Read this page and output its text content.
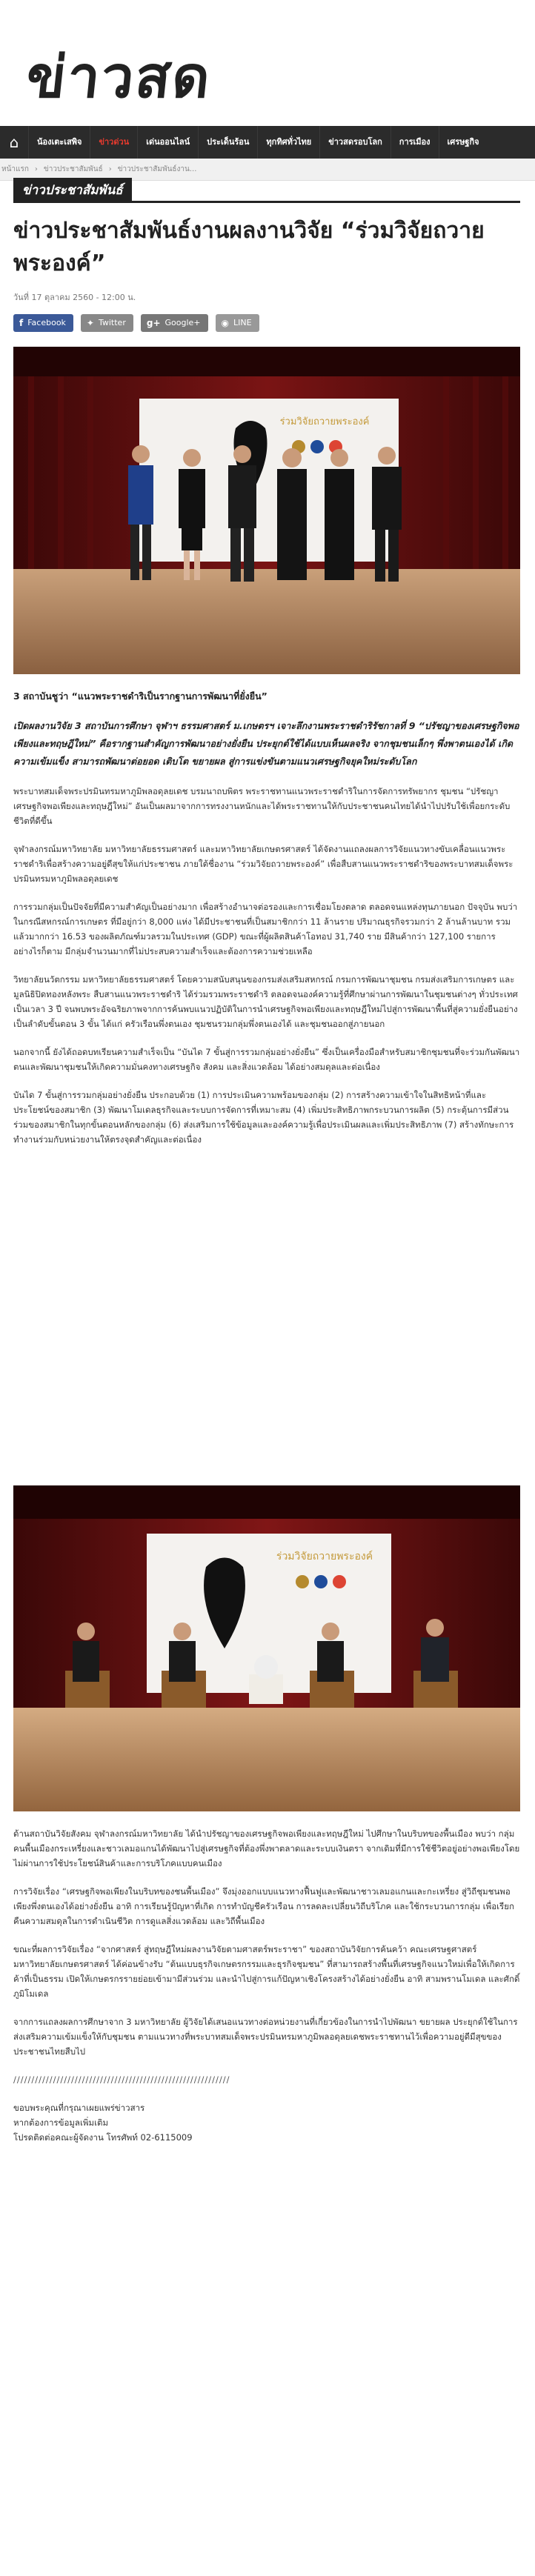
ข่าวสด
⌂	น้องเตะเสพิจ	ข่าวด่วน	เด่นออนไลน์	ประเด็นร้อน	ทุกทิศทั่วไทย	ข่าวสดรอบโลก	การเมือง	เศรษฐกิจ
หน้าแรก › ข่าวประชาสัมพันธ์ › ข่าวประชาสัมพันธ์งาน...
ข่าวประชาสัมพันธ์
ข่าวประชาสัมพันธ์งานผลงานวิจัย “ร่วมวิจัยถวายพระองค์”
วันที่ 17 ตุลาคม 2560 - 12:00 น.
f Facebook ✦ Twitter g+ Google+ ◉ LINE
ร่วมวิจัยถวายพระองค์

3 สถาบันชูว่า “แนวพระราชดำริเป็นรากฐานการพัฒนาที่ยั่งยืน”

เปิดผลงานวิจัย 3 สถาบันการศึกษา จุฬาฯ ธรรมศาสตร์ ม.เกษตรฯ เจาะลึกงานพระราชดำริรัชกาลที่ 9 “ปรัชญาของเศรษฐกิจพอเพียงและทฤษฎีใหม่” คือรากฐานสำคัญการพัฒนาอย่างยั่งยืน ประยุกต์ใช้ได้แบบเห็นผลจริง จากชุมชนเล็กๆ พึ่งพาตนเองได้ เกิดความเข้มแข็ง สามารถพัฒนาต่อยอด เติบโต ขยายผล สู่การแข่งขันตามแนวเศรษฐกิจยุคใหม่ระดับโลก

พระบาทสมเด็จพระปรมินทรมหาภูมิพลอดุลยเดช บรมนาถบพิตร พระราชทานแนวพระราชดำริในการจัดการทรัพยากร ชุมชน “ปรัชญาเศรษฐกิจพอเพียงและทฤษฎีใหม่” อันเป็นผลมาจากการทรงงานหนักและได้พระราชทานให้กับประชาชนคนไทยได้นำไปปรับใช้เพื่อยกระดับชีวิตที่ดีขึ้น

จุฬาลงกรณ์มหาวิทยาลัย มหาวิทยาลัยธรรมศาสตร์ และมหาวิทยาลัยเกษตรศาสตร์ ได้จัดงานแถลงผลการวิจัยแนวทางขับเคลื่อนแนวพระราชดำริเพื่อสร้างความอยู่ดีสุขให้แก่ประชาชน ภายใต้ชื่องาน “ร่วมวิจัยถวายพระองค์” เพื่อสืบสานแนวพระราชดำริของพระบาทสมเด็จพระปรมินทรมหาภูมิพลอดุลยเดช

การรวมกลุ่มเป็นปัจจัยที่มีความสำคัญเป็นอย่างมาก เพื่อสร้างอำนาจต่อรองและการเชื่อมโยงตลาด ตลอดจนแหล่งทุนภายนอก ปัจจุบัน พบว่า ในกรณีสหกรณ์การเกษตร ที่มีอยู่กว่า 8,000 แห่ง ได้มีประชาชนที่เป็นสมาชิกกว่า 11 ล้านราย ปริมาณธุรกิจรวมกว่า 2 ล้านล้านบาท รวมแล้วมากกว่า 16.53 ของผลิตภัณฑ์มวลรวมในประเทศ (GDP) ขณะที่ผู้ผลิตสินค้าโอทอป 31,740 ราย มีสินค้ากว่า 127,100 รายการ อย่างไรก็ตาม มีกลุ่มจำนวนมากที่ไม่ประสบความสำเร็จและต้องการความช่วยเหลือ

วิทยาลัยนวัตกรรม มหาวิทยาลัยธรรมศาสตร์ โดยความสนับสนุนของกรมส่งเสริมสหกรณ์ กรมการพัฒนาชุมชน กรมส่งเสริมการเกษตร และมูลนิธิปิดทองหลังพระ สืบสานแนวพระราชดำริ ได้ร่วมรวมพระราชดำริ ตลอดจนองค์ความรู้ที่ศึกษาผ่านการพัฒนาในชุมชนต่างๆ ทั่วประเทศเป็นเวลา 3 ปี จนพบพระอัจฉริยภาพจากการค้นพบแนวปฏิบัติในการนำเศรษฐกิจพอเพียงและทฤษฎีใหม่ไปสู่การพัฒนาพื้นที่สู่ความยั่งยืนอย่างเป็นลำดับขั้นตอน 3 ขั้น ได้แก่ ครัวเรือนพึ่งตนเอง ชุมชนรวมกลุ่มพึ่งตนเองได้ และชุมชนออกสู่ภายนอก

นอกจากนี้ ยังได้ถอดบทเรียนความสำเร็จเป็น “บันได 7 ขั้นสู่การรวมกลุ่มอย่างยั่งยืน” ซึ่งเป็นเครื่องมือสำหรับสมาชิกชุมชนที่จะร่วมกันพัฒนาตนและพัฒนาชุมชนให้เกิดความมั่นคงทางเศรษฐกิจ สังคม และสิ่งแวดล้อม ได้อย่างสมดุลและต่อเนื่อง

บันได 7 ขั้นสู่การรวมกลุ่มอย่างยั่งยืน ประกอบด้วย (1) การประเมินความพร้อมของกลุ่ม (2) การสร้างความเข้าใจในสิทธิหน้าที่และประโยชน์ของสมาชิก (3) พัฒนาโมเดลธุรกิจและระบบการจัดการที่เหมาะสม (4) เพิ่มประสิทธิภาพกระบวนการผลิต (5) กระตุ้นการมีส่วนร่วมของสมาชิกในทุกขั้นตอนหลักของกลุ่ม (6) ส่งเสริมการใช้ข้อมูลและองค์ความรู้เพื่อประเมินผลและเพิ่มประสิทธิภาพ (7) สร้างทักษะการทำงานร่วมกับหน่วยงานให้ตรงจุดสำคัญและต่อเนื่อง

ร่วมวิจัยถวายพระองค์

ด้านสถาบันวิจัยสังคม จุฬาลงกรณ์มหาวิทยาลัย ได้นำปรัชญาของเศรษฐกิจพอเพียงและทฤษฎีใหม่ ไปศึกษาในบริบทของพื้นเมือง พบว่า กลุ่มคนพื้นเมืองกระเหรี่ยงและชาวเลมอแกนได้พัฒนาไปสู่เศรษฐกิจที่ต้องพึ่งพาตลาดและระบบเงินตรา จากเดิมที่มีการใช้ชีวิตอยู่อย่างพอเพียงโดยไม่ผ่านการใช้ประโยชน์สินค้าและการบริโภคแบบคนเมือง

การวิจัยเรื่อง “เศรษฐกิจพอเพียงในบริบทของชนพื้นเมือง” จึงมุ่งออกแบบแนวทางฟื้นฟูและพัฒนาชาวเลมอแกนและกะเหรี่ยง สู่วิถีชุมชนพอเพียงพึ่งตนเองได้อย่างยั่งยืน อาทิ การเรียนรู้ปัญหาที่เกิด การทำบัญชีครัวเรือน การลดละเปลี่ยนวิถีบริโภค และใช้กระบวนการกลุ่ม เพื่อเรียกคืนความสมดุลในการดำเนินชีวิต การดูแลสิ่งแวดล้อม และวิถีพื้นเมือง

ขณะที่ผลการวิจัยเรื่อง “จากศาสตร์ สู่ทฤษฎีใหม่ผลงานวิจัยตามศาสตร์พระราชา” ของสถาบันวิจัยการค้นคว้า คณะเศรษฐศาสตร์ มหาวิทยาลัยเกษตรศาสตร์ ได้ค่อนข้างรับ “ต้นแบบธุรกิจเกษตรกรรมและธุรกิจชุมชน” ที่สามารถสร้างพื้นที่เศรษฐกิจแนวใหม่เพื่อให้เกิดการค้าที่เป็นธรรม เปิดให้เกษตรกรรายย่อยเข้ามามีส่วนร่วม และนำไปสู่การแก้ปัญหาเชิงโครงสร้างได้อย่างยั่งยืน อาทิ สามพรานโมเดล และศักดิ์ภูมิโมเดล

จากการแถลงผลการศึกษาจาก 3 มหาวิทยาลัย ผู้วิจัยได้เสนอแนวทางต่อหน่วยงานที่เกี่ยวข้องในการนำไปพัฒนา ขยายผล ประยุกต์ใช้ในการส่งเสริมความเข้มแข็งให้กับชุมชน ตามแนวทางที่พระบาทสมเด็จพระปรมินทรมหาภูมิพลอดุลยเดชพระราชทานไว้เพื่อความอยู่ดีมีสุขของประชาชนไทยสืบไป

////////////////////////////////////////////////////////////

ขอบพระคุณที่กรุณาเผยแพร่ข่าวสาร
หากต้องการข้อมูลเพิ่มเติม
โปรดติดต่อคณะผู้จัดงาน โทรศัพท์ 02-6115009
